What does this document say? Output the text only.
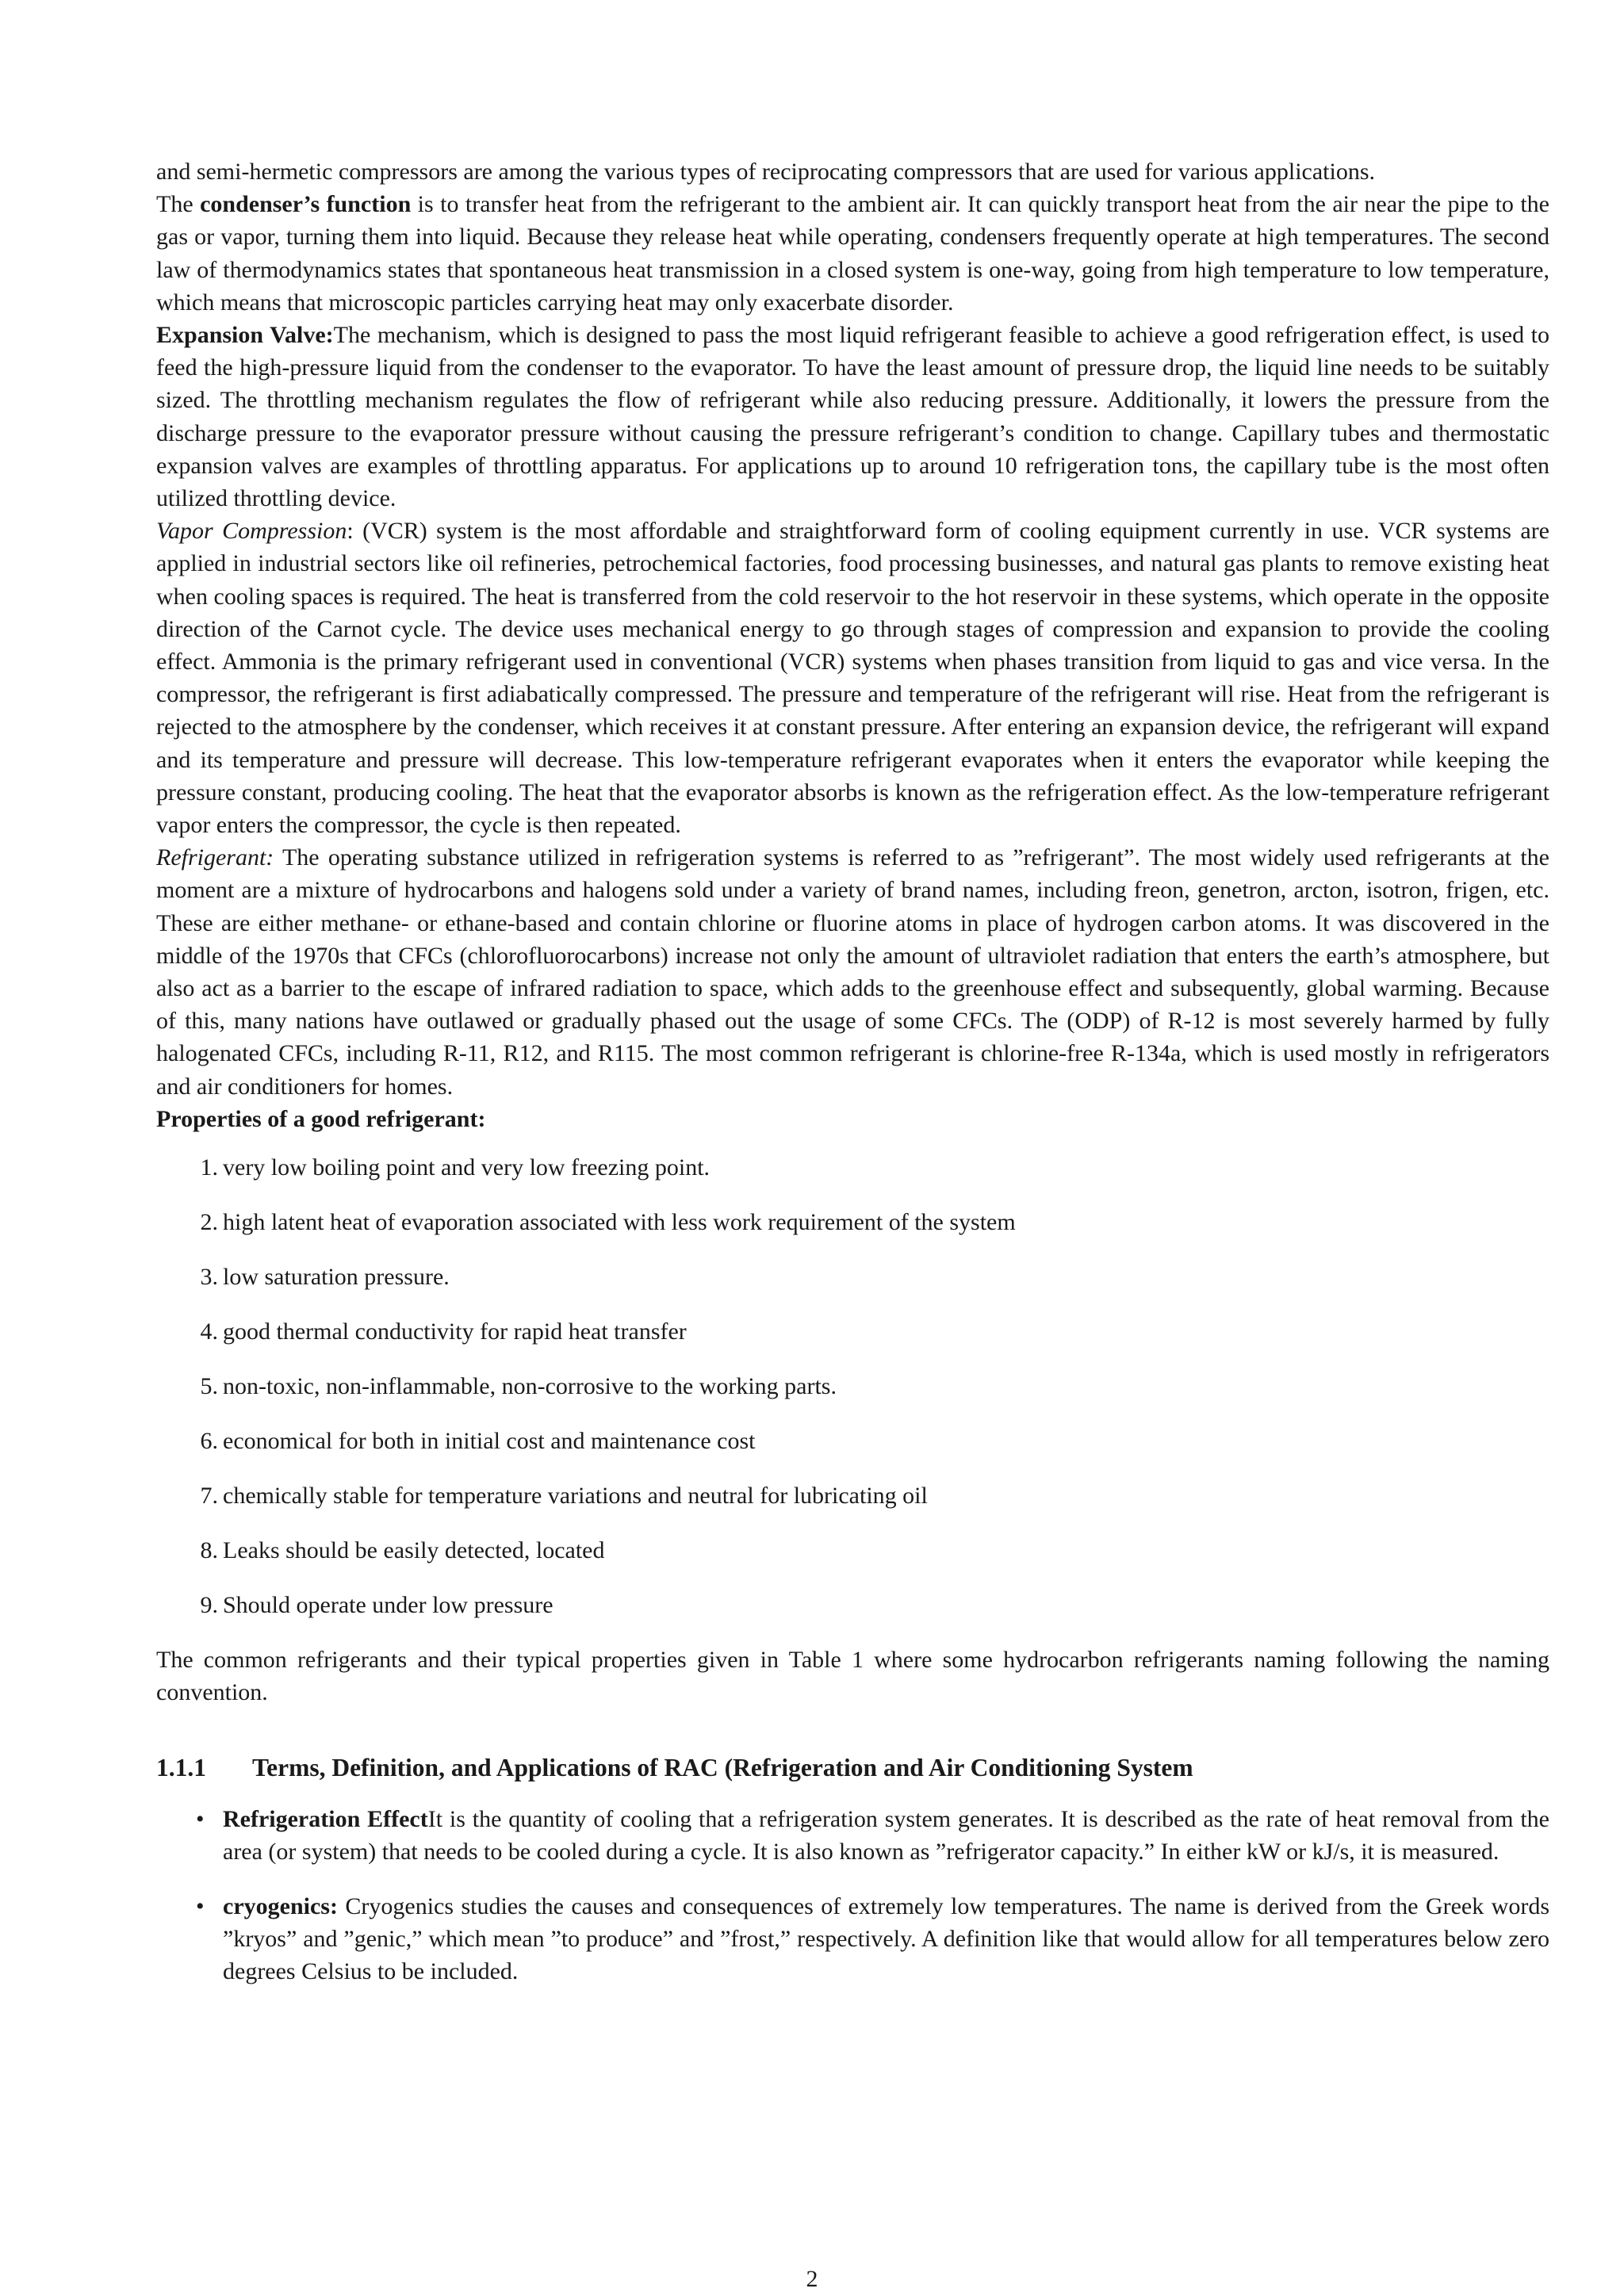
and semi-hermetic compressors are among the various types of reciprocating compressors that are used for various applications.

The condenser’s function is to transfer heat from the refrigerant to the ambient air. It can quickly transport heat from the air near the pipe to the gas or vapor, turning them into liquid. Because they release heat while operating, condensers frequently operate at high temperatures. The second law of thermodynamics states that spontaneous heat transmission in a closed system is one-way, going from high temperature to low temperature, which means that microscopic particles carrying heat may only exacerbate disorder.

Expansion Valve:The mechanism, which is designed to pass the most liquid refrigerant feasible to achieve a good refrigeration effect, is used to feed the high-pressure liquid from the condenser to the evaporator. To have the least amount of pressure drop, the liquid line needs to be suitably sized. The throttling mechanism regulates the flow of refrigerant while also reducing pressure. Additionally, it lowers the pressure from the discharge pressure to the evaporator pressure without causing the pressure refrigerant’s condition to change. Capillary tubes and thermostatic expansion valves are examples of throttling apparatus. For applications up to around 10 refrigeration tons, the capillary tube is the most often utilized throttling device.

Vapor Compression: (VCR) system is the most affordable and straightforward form of cooling equipment currently in use. VCR systems are applied in industrial sectors like oil refineries, petrochemical factories, food processing businesses, and natural gas plants to remove existing heat when cooling spaces is required. The heat is transferred from the cold reservoir to the hot reservoir in these systems, which operate in the opposite direction of the Carnot cycle. The device uses mechanical energy to go through stages of compression and expansion to provide the cooling effect. Ammonia is the primary refrigerant used in conventional (VCR) systems when phases transition from liquid to gas and vice versa. In the compressor, the refrigerant is first adiabatically compressed. The pressure and temperature of the refrigerant will rise. Heat from the refrigerant is rejected to the atmosphere by the condenser, which receives it at constant pressure. After entering an expansion device, the refrigerant will expand and its temperature and pressure will decrease. This low-temperature refrigerant evaporates when it enters the evaporator while keeping the pressure constant, producing cooling. The heat that the evaporator absorbs is known as the refrigeration effect. As the low-temperature refrigerant vapor enters the compressor, the cycle is then repeated.

Refrigerant: The operating substance utilized in refrigeration systems is referred to as ”refrigerant”. The most widely used refrigerants at the moment are a mixture of hydrocarbons and halogens sold under a variety of brand names, including freon, genetron, arcton, isotron, frigen, etc. These are either methane- or ethane-based and contain chlorine or fluorine atoms in place of hydrogen carbon atoms. It was discovered in the middle of the 1970s that CFCs (chlorofluorocarbons) increase not only the amount of ultraviolet radiation that enters the earth’s atmosphere, but also act as a barrier to the escape of infrared radiation to space, which adds to the greenhouse effect and subsequently, global warming. Because of this, many nations have outlawed or gradually phased out the usage of some CFCs. The (ODP) of R-12 is most severely harmed by fully halogenated CFCs, including R-11, R12, and R115. The most common refrigerant is chlorine-free R-134a, which is used mostly in refrigerators and air conditioners for homes.

Properties of a good refrigerant:

1. very low boiling point and very low freezing point.
2. high latent heat of evaporation associated with less work requirement of the system
3. low saturation pressure.
4. good thermal conductivity for rapid heat transfer
5. non-toxic, non-inflammable, non-corrosive to the working parts.
6. economical for both in initial cost and maintenance cost
7. chemically stable for temperature variations and neutral for lubricating oil
8. Leaks should be easily detected, located
9. Should operate under low pressure

The common refrigerants and their typical properties given in Table 1 where some hydrocarbon refrigerants naming following the naming convention.

1.1.1 Terms, Definition, and Applications of RAC (Refrigeration and Air Conditioning System
• Refrigeration EffectIt is the quantity of cooling that a refrigeration system generates. It is described as the rate of heat removal from the area (or system) that needs to be cooled during a cycle. It is also known as ”refrigerator capacity.” In either kW or kJ/s, it is measured.
• cryogenics: Cryogenics studies the causes and consequences of extremely low temperatures. The name is derived from the Greek words ”kryos” and ”genic,” which mean ”to produce” and ”frost,” respectively. A definition like that would allow for all temperatures below zero degrees Celsius to be included.
2
